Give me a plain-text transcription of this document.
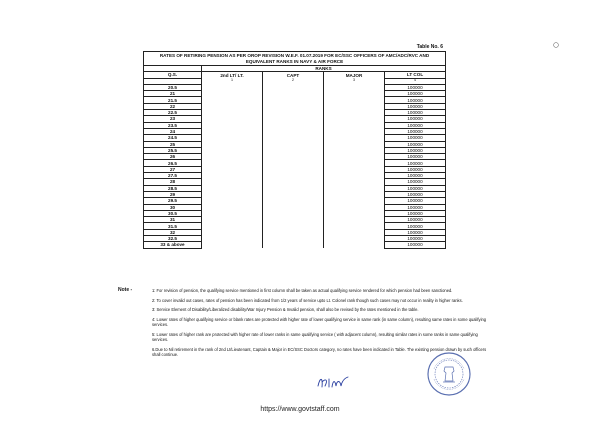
Table No. 6
RATES OF RETIRING PENSION AS PER OROP REVISION W.E.F. 01.07.2019 FOR EC/SSC OFFICERS OF AMC/ADC/RVC AND EQUIVALENT RANKS IN NAVY & AIR FORCE				
	RANKS			
Q.S.	2nd LT/ LT.	CAPT	MAJOR	LT COL
	1	2	3	4
20.5				100000
21				100000
21.5				100000
22				100000
22.5				100000
23				100000
23.5				100000
24				100000
24.5				100000
25				100000
25.5				100000
26				100000
26.5				100000
27				100000
27.5				100000
28				100000
28.5				100000
29				100000
29.5				100000
30				100000
30.5				100000
31				100000
31.5				100000
32				100000
32.5				100000
33 & above				100000
Note -	1: For revision of pension, the qualifying service mentioned in first column shall be taken as actual qualifying service rendered for which pension had been sanctioned.
2: To cover invalid out cases, rates of pension has been indicated from 1/2 years of service upto Lt. Colonel rank though such cases may not occur in reality in higher ranks.
3: Service Element of Disability/Liberalized disability/War Injury Pension & Invalid pension, shall also be revised by the rates mentioned in the table.
4: Lower rates of higher qualifying service or blank rates are protected with higher rate of lower qualifying service in same rank (in same column), resulting same rates in some qualifying services.
5: Lower rates of higher rank are protected with higher rate of lower ranks in same qualifying service ( with adjacent column), resulting similar rates in some ranks in same qualifying services.
6.Due to Nil retirement in the rank of 2nd Lt/Lieutenant, Captain & Major in EC/SSC Doctors category, no rates have been indicated in Table. The existing pension drawn by such officers shall continue.
https://www.govtstaff.com
